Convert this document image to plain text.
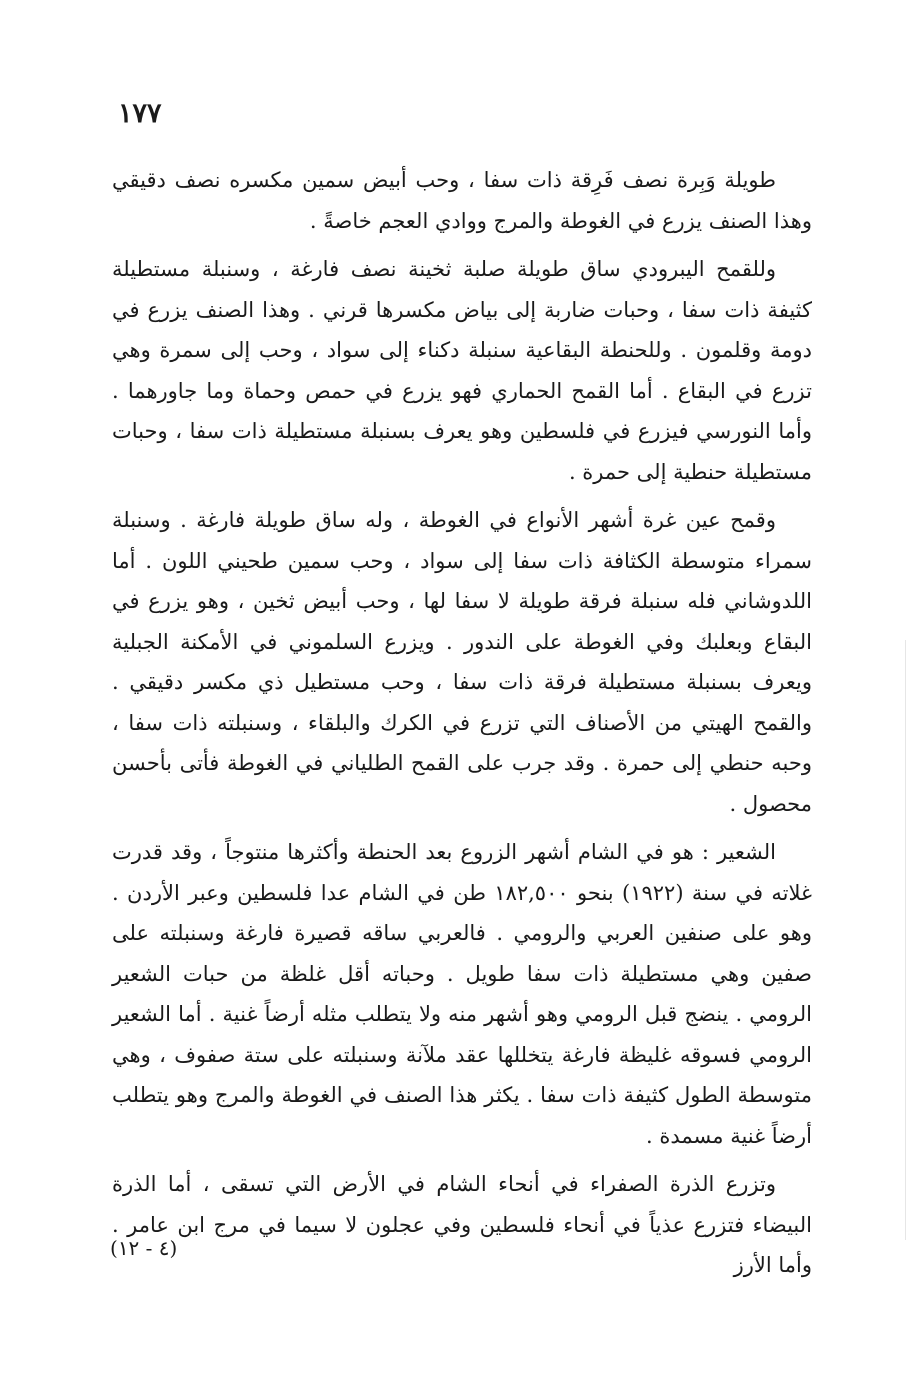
١٧٧

طويلة وَبِرة نصف فَرِقة ذات سفا ، وحب أبيض سمين مكسره نصف دقيقي وهذا الصنف يزرع في الغوطة والمرج ووادي العجم خاصةً .

وللقمح اليبرودي ساق طويلة صلبة ثخينة نصف فارغة ، وسنبلة مستطيلة كثيفة ذات سفا ، وحبات ضاربة إلى بياض مكسرها قرني . وهذا الصنف يزرع في دومة وقلمون . وللحنطة البقاعية سنبلة دكناء إلى سواد ، وحب إلى سمرة وهي تزرع في البقاع . أما القمح الحماري فهو يزرع في حمص وحماة وما جاورهما . وأما النورسي فيزرع في فلسطين وهو يعرف بسنبلة مستطيلة ذات سفا ، وحبات مستطيلة حنطية إلى حمرة .

وقمح عين غرة أشهر الأنواع في الغوطة ، وله ساق طويلة فارغة . وسنبلة سمراء متوسطة الكثافة ذات سفا إلى سواد ، وحب سمين طحيني اللون . أما اللدوشاني فله سنبلة فرقة طويلة لا سفا لها ، وحب أبيض ثخين ، وهو يزرع في البقاع وبعلبك وفي الغوطة على الندور . ويزرع السلموني في الأمكنة الجبلية ويعرف بسنبلة مستطيلة فرقة ذات سفا ، وحب مستطيل ذي مكسر دقيقي . والقمح الهيتي من الأصناف التي تزرع في الكرك والبلقاء ، وسنبلته ذات سفا ، وحبه حنطي إلى حمرة . وقد جرب على القمح الطلياني في الغوطة فأتى بأحسن محصول .

الشعير : هو في الشام أشهر الزروع بعد الحنطة وأكثرها منتوجاً ، وقد قدرت غلاته في سنة (١٩٢٢) بنحو ١٨٢,٥٠٠ طن في الشام عدا فلسطين وعبر الأردن . وهو على صنفين العربي والرومي . فالعربي ساقه قصيرة فارغة وسنبلته على صفين وهي مستطيلة ذات سفا طويل . وحباته أقل غلظة من حبات الشعير الرومي . ينضج قبل الرومي وهو أشهر منه ولا يتطلب مثله أرضاً غنية . أما الشعير الرومي فسوقه غليظة فارغة يتخللها عقد ملآنة وسنبلته على ستة صفوف ، وهي متوسطة الطول كثيفة ذات سفا . يكثر هذا الصنف في الغوطة والمرج وهو يتطلب أرضاً غنية مسمدة .

وتزرع الذرة الصفراء في أنحاء الشام في الأرض التي تسقى ، أما الذرة البيضاء فتزرع عذياً في أنحاء فلسطين وفي عجلون لا سيما في مرج ابن عامر . وأما الأرز

(٤ - ١٢)
